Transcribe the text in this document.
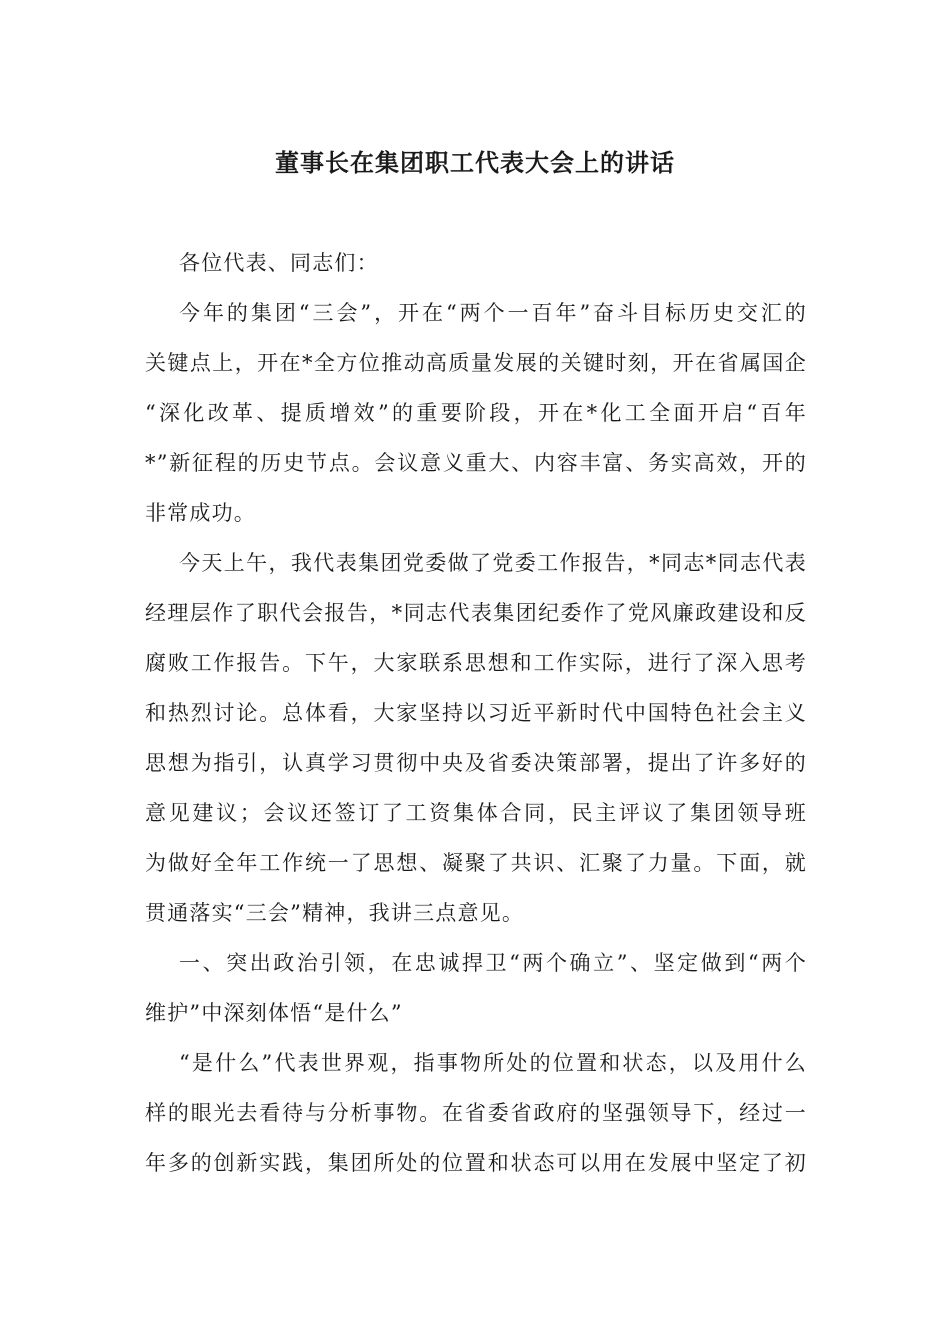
董事长在集团职工代表大会上的讲话
各位代表、同志们：
今年的集团“三会”，开在“两个一百年”奋斗目标历史交汇的
关键点上，开在*全方位推动高质量发展的关键时刻，开在省属国企
“深化改革、提质增效”的重要阶段，开在*化工全面开启“百年
*”新征程的历史节点。会议意义重大、内容丰富、务实高效，开的
非常成功。
今天上午，我代表集团党委做了党委工作报告，*同志*同志代表
经理层作了职代会报告，*同志代表集团纪委作了党风廉政建设和反
腐败工作报告。下午，大家联系思想和工作实际，进行了深入思考
和热烈讨论。总体看，大家坚持以习近平新时代中国特色社会主义
思想为指引，认真学习贯彻中央及省委决策部署，提出了许多好的
意见建议；会议还签订了工资集体合同，民主评议了集团领导班
为做好全年工作统一了思想、凝聚了共识、汇聚了力量。下面，就
贯通落实“三会”精神，我讲三点意见。
一、突出政治引领，在忠诚捍卫“两个确立”、坚定做到“两个
维护”中深刻体悟“是什么”
“是什么”代表世界观，指事物所处的位置和状态，以及用什么
样的眼光去看待与分析事物。在省委省政府的坚强领导下，经过一
年多的创新实践，集团所处的位置和状态可以用在发展中坚定了初
